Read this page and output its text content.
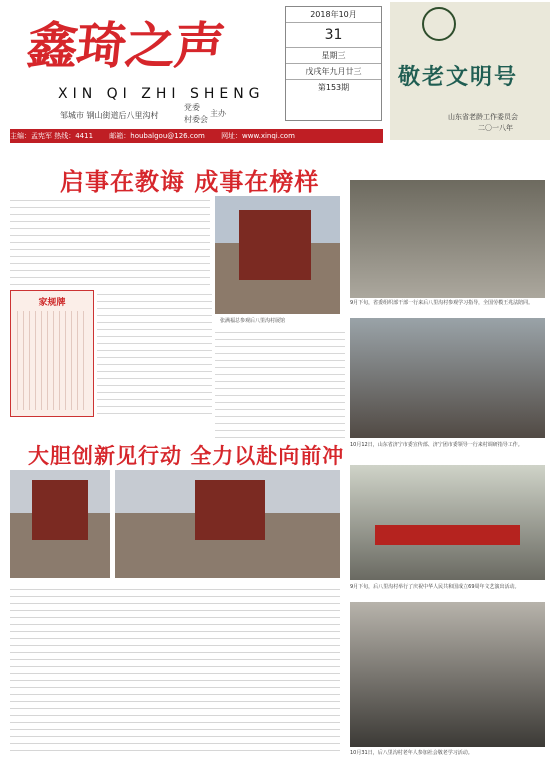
鑫琦之声
XIN QI ZHI SHENG
邹城市 钢山街道后八里沟村
党委
村委会
主办
2018年10月
31
星期三
戊戌年九月廿三
第153期	敬老文明号
山东省老龄工作委员会
二〇一八年
主编：孟宪军 热线：4411 邮箱：houbalgou@126.com 网址：www.xinqi.com
启事在教诲 成事在榜样
家规牌
张满福总参观后八里沟村展馆
9月下旬，省委组织部干部一行来后八里沟村参观学习指导，全国劳模王兆法陪同。
10月12日，山东省济宁市委宣传部、济宁团市委领导一行来村调研指导工作。
大胆创新见行动 全力以赴向前冲
9月下旬，后八里沟村举行了庆祝中华人民共和国成立69周年文艺演出活动。
10月31日，后八里沟村老年人参加社会敬老学习活动。
